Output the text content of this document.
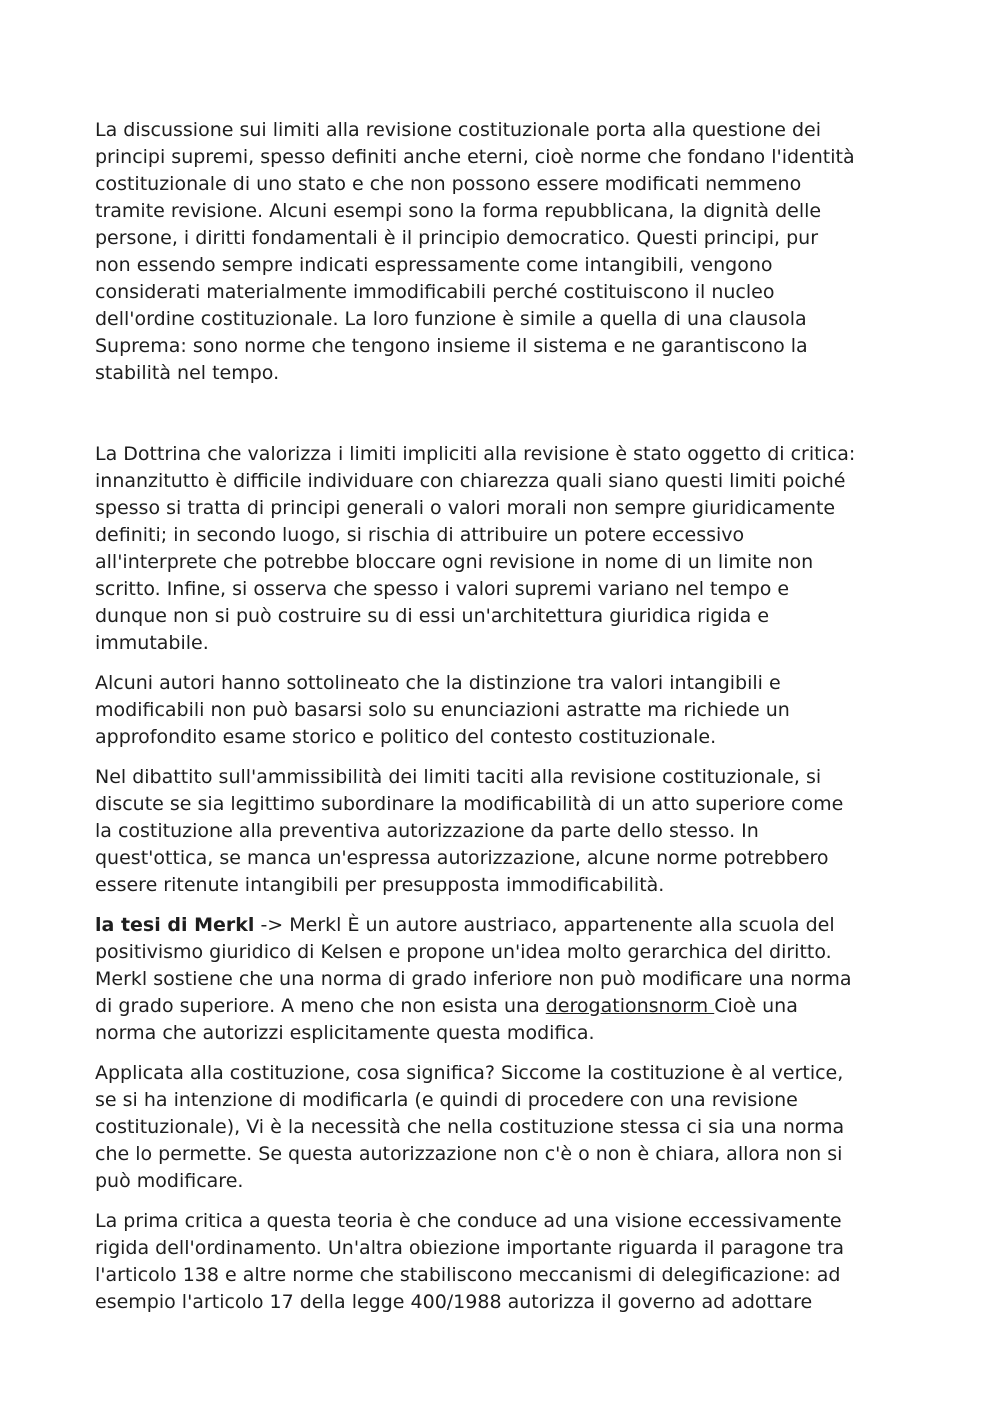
La discussione sui limiti alla revisione costituzionale porta alla questione dei
principi supremi, spesso definiti anche eterni, cioè norme che fondano l'identità
costituzionale di uno stato e che non possono essere modificati nemmeno
tramite revisione. Alcuni esempi sono la forma repubblicana, la dignità delle
persone, i diritti fondamentali è il principio democratico. Questi principi, pur
non essendo sempre indicati espressamente come intangibili, vengono
considerati materialmente immodificabili perché costituiscono il nucleo
dell'ordine costituzionale. La loro funzione è simile a quella di una clausola
Suprema: sono norme che tengono insieme il sistema e ne garantiscono la
stabilità nel tempo.

La Dottrina che valorizza i limiti impliciti alla revisione è stato oggetto di critica:
innanzitutto è difficile individuare con chiarezza quali siano questi limiti poiché
spesso si tratta di principi generali o valori morali non sempre giuridicamente
definiti; in secondo luogo, si rischia di attribuire un potere eccessivo
all'interprete che potrebbe bloccare ogni revisione in nome di un limite non
scritto. Infine, si osserva che spesso i valori supremi variano nel tempo e
dunque non si può costruire su di essi un'architettura giuridica rigida e
immutabile.

Alcuni autori hanno sottolineato che la distinzione tra valori intangibili e
modificabili non può basarsi solo su enunciazioni astratte ma richiede un
approfondito esame storico e politico del contesto costituzionale.

Nel dibattito sull'ammissibilità dei limiti taciti alla revisione costituzionale, si
discute se sia legittimo subordinare la modificabilità di un atto superiore come
la costituzione alla preventiva autorizzazione da parte dello stesso. In
quest'ottica, se manca un'espressa autorizzazione, alcune norme potrebbero
essere ritenute intangibili per presupposta immodificabilità.

la tesi di Merkl -> Merkl È un autore austriaco, appartenente alla scuola del
positivismo giuridico di Kelsen e propone un'idea molto gerarchica del diritto.
Merkl sostiene che una norma di grado inferiore non può modificare una norma
di grado superiore. A meno che non esista una derogationsnorm Cioè una
norma che autorizzi esplicitamente questa modifica.

Applicata alla costituzione, cosa significa? Siccome la costituzione è al vertice,
se si ha intenzione di modificarla (e quindi di procedere con una revisione
costituzionale), Vi è la necessità che nella costituzione stessa ci sia una norma
che lo permette. Se questa autorizzazione non c'è o non è chiara, allora non si
può modificare.

La prima critica a questa teoria è che conduce ad una visione eccessivamente
rigida dell'ordinamento. Un'altra obiezione importante riguarda il paragone tra
l'articolo 138 e altre norme che stabiliscono meccanismi di delegificazione: ad
esempio l'articolo 17 della legge 400/1988 autorizza il governo ad adottare
